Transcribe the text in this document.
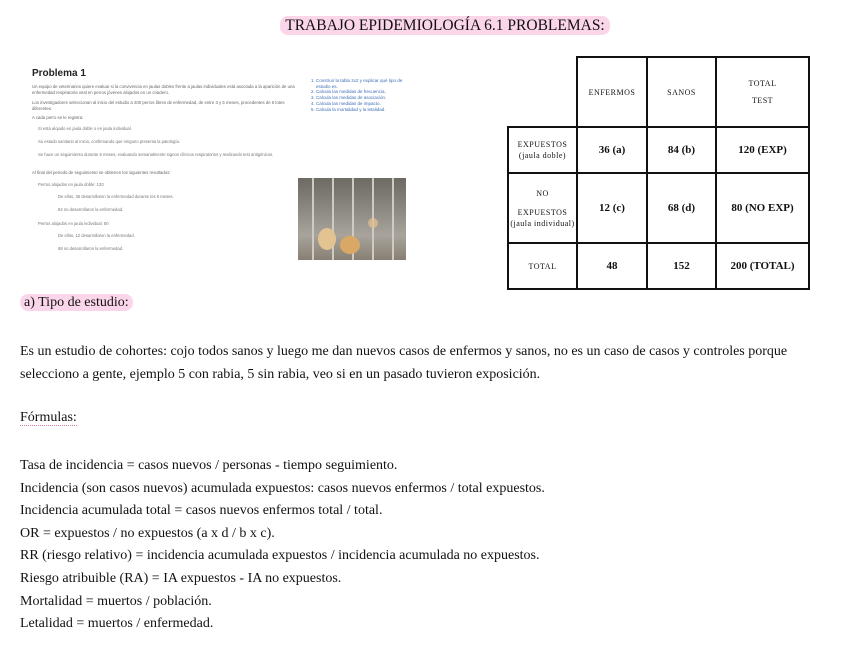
TRABAJO EPIDEMIOLOGÍA 6.1 PROBLEMAS:
Problema 1
Un equipo de veterinarios quiere evaluar si la convivencia en jaulas dobles frente a jaulas individuales está asociada a la aparición de una enfermedad respiratoria viral en perros jóvenes alojados en un criadero.
Los investigadores seleccionan al inicio del estudio a 200 perros libres de enfermedad, de entre 3 y 5 meses, procedentes de 6 lotes diferentes.
A cada perro se le registra:
Si está alojado en jaula doble o en jaula individual.
Su estado sanitario al inicio, confirmando que ninguno presenta la patología.
Se hace un seguimiento durante 6 meses, evaluando semanalmente signos clínicos respiratorios y realizando test antigénicos.
Al final del periodo de seguimiento se obtienen los siguientes resultados:
Perros alojados en jaula doble: 120
De ellos, 36 desarrollaron la enfermedad durante los 6 meses.
84 no desarrollaron la enfermedad.
Perros alojados en jaula individual: 80
De ellos, 12 desarrollaron la enfermedad.
68 no desarrollaron la enfermedad.
1. Construir la tabla 2x2 y explicar qué tipo de estudio es.
2. Calcula las medidas de frecuencia.
3. Calcula las medidas de asociación.
4. Calcula las medidas de impacto.
5. Calcula la mortalidad y la letalidad.
	ENFERMOS	SANOS	TOTAL
TEST

EXPUESTOS
(jaula doble)	36 (a)	84 (b)	120 (EXP)

NO
EXPUESTOS
(jaula individual)	12 (c)	68 (d)	80 (NO EXP)
TOTAL	48	152	200 (TOTAL)
a) Tipo de estudio:
Es un estudio de cohortes: cojo todos sanos y luego me dan nuevos casos de enfermos y sanos, no es un caso de casos y controles porque selecciono a gente, ejemplo 5 con rabia, 5 sin rabia, veo si en un pasado tuvieron exposición.
Fórmulas:
Tasa de incidencia = casos nuevos / personas - tiempo seguimiento.
Incidencia (son casos nuevos) acumulada expuestos: casos nuevos enfermos / total expuestos.
Incidencia acumulada total = casos nuevos enfermos total / total.
OR = expuestos / no expuestos (a x d / b x c).
RR (riesgo relativo) = incidencia acumulada expuestos / incidencia acumulada no expuestos.
Riesgo atribuible (RA) = IA expuestos - IA no expuestos.
Mortalidad = muertos / población.
Letalidad = muertos / enfermedad.
